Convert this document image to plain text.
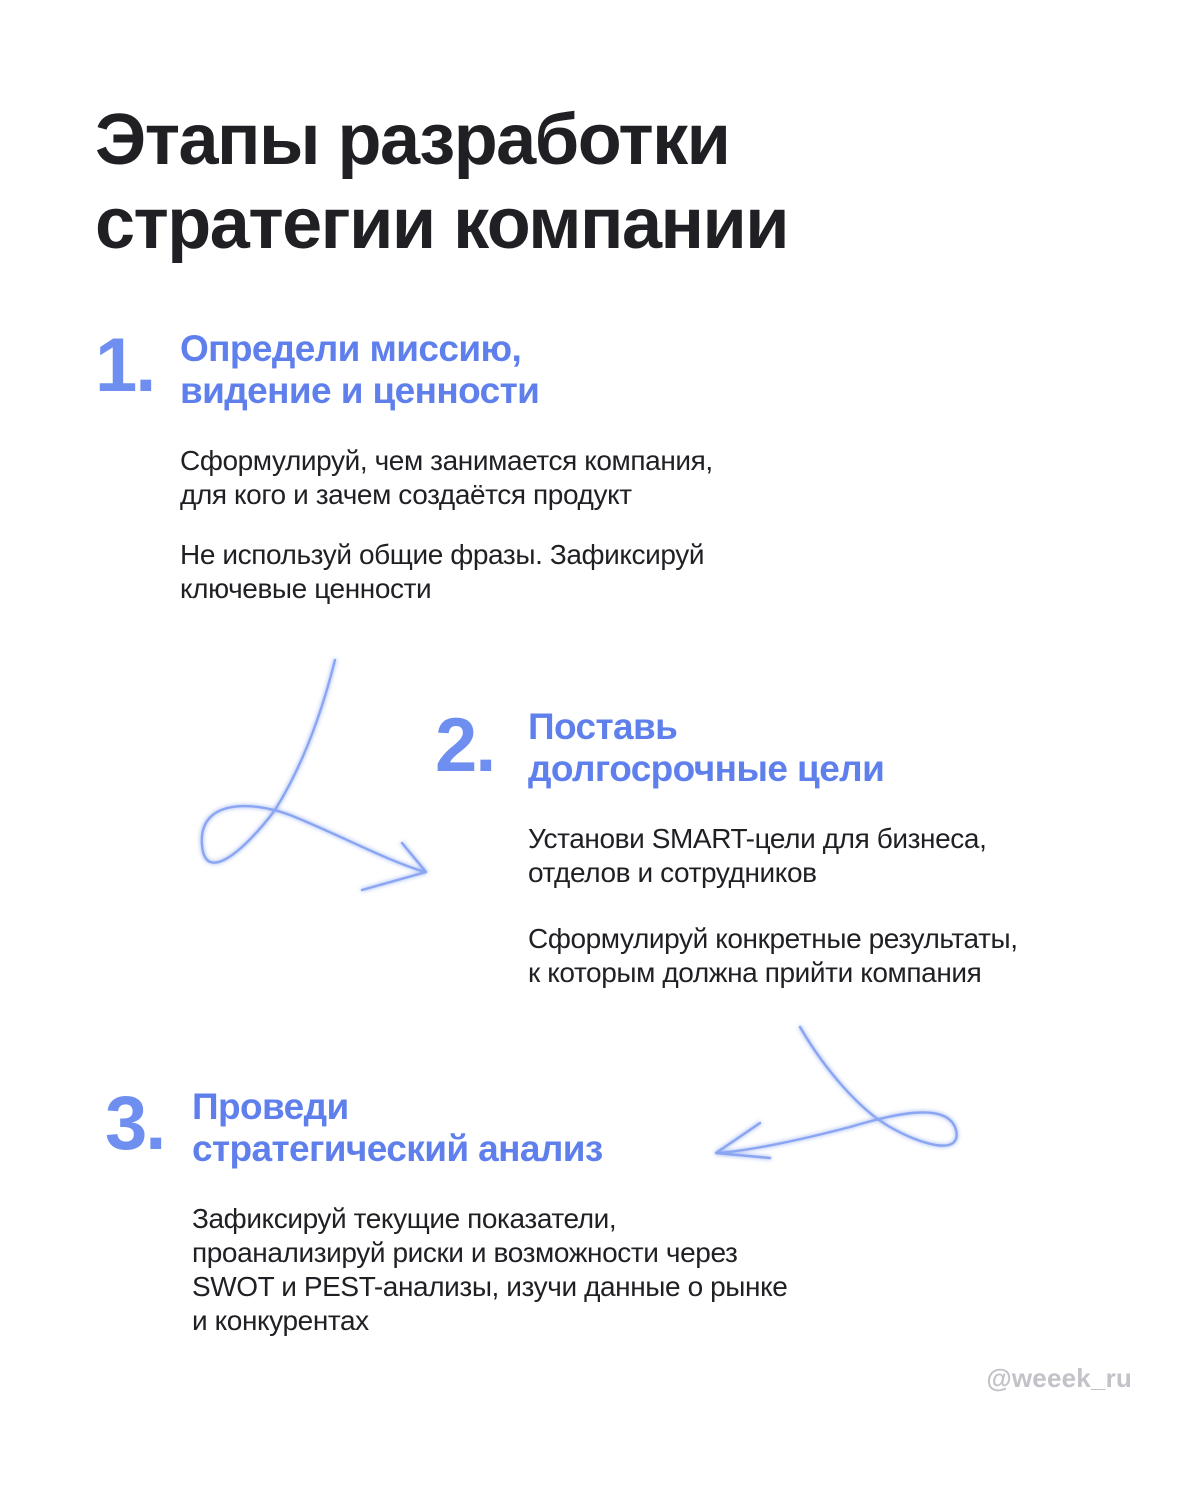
Этапы разработки
стратегии компании
1. Определи миссию,
видение и ценности

Сформулируй, чем занимается компания,
для кого и зачем создаётся продукт

Не используй общие фразы. Зафиксируй
ключевые ценности

2. Поставь
долгосрочные цели

Установи SMART-цели для бизнеса,
отделов и сотрудников

Сформулируй конкретные результаты,
к которым должна прийти компания

3. Проведи
стратегический анализ

Зафиксируй текущие показатели,
проанализируй риски и возможности через
SWOT и PEST-анализы, изучи данные о рынке
и конкурентах

@weeek_ru
